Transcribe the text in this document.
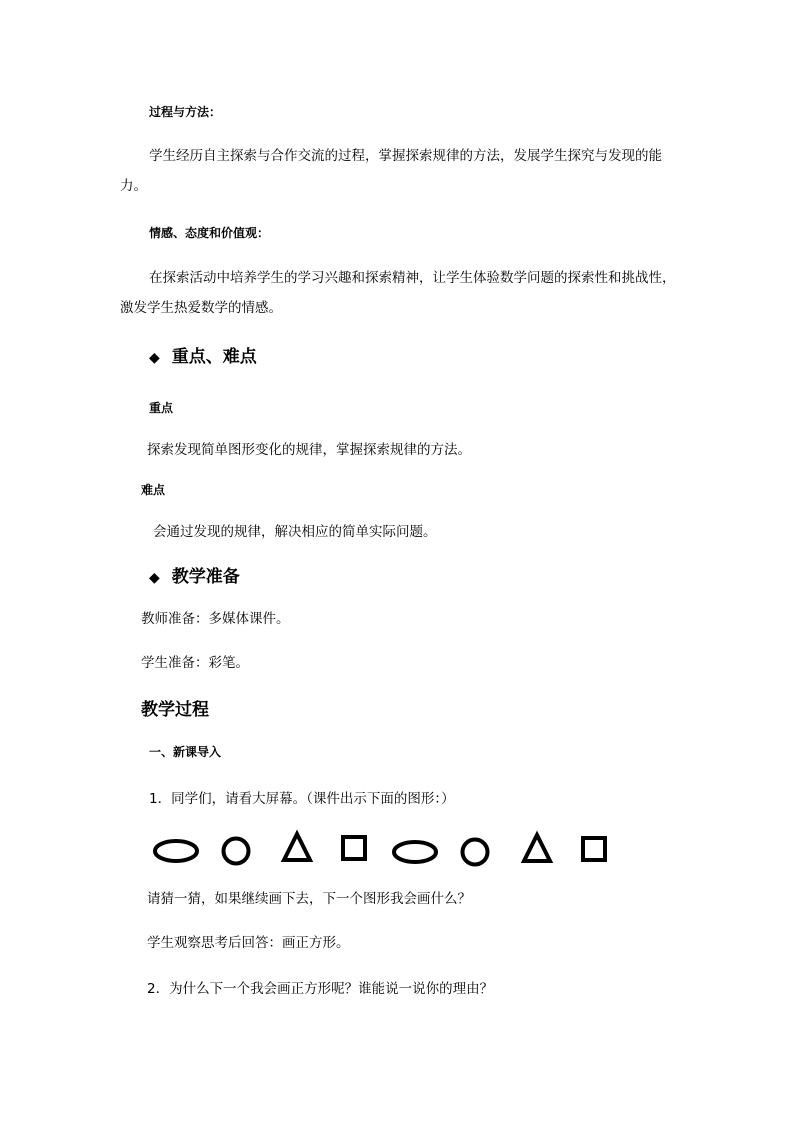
过程与方法：
学生经历自主探索与合作交流的过程，掌握探索规律的方法，发展学生探究与发现的能
力。
情感、态度和价值观：
在探索活动中培养学生的学习兴趣和探索精神，让学生体验数学问题的探索性和挑战性，
激发学生热爱数学的情感。
◆ 重点、难点
重点
探索发现简单图形变化的规律，掌握探索规律的方法。
难点
会通过发现的规律，解决相应的简单实际问题。
◆ 教学准备
教师准备：多媒体课件。
学生准备：彩笔。
教学过程
一、新课导入
1．同学们，请看大屏幕。（课件出示下面的图形：）
请猜一猜，如果继续画下去，下一个图形我会画什么？
学生观察思考后回答：画正方形。
2．为什么下一个我会画正方形呢？谁能说一说你的理由？
